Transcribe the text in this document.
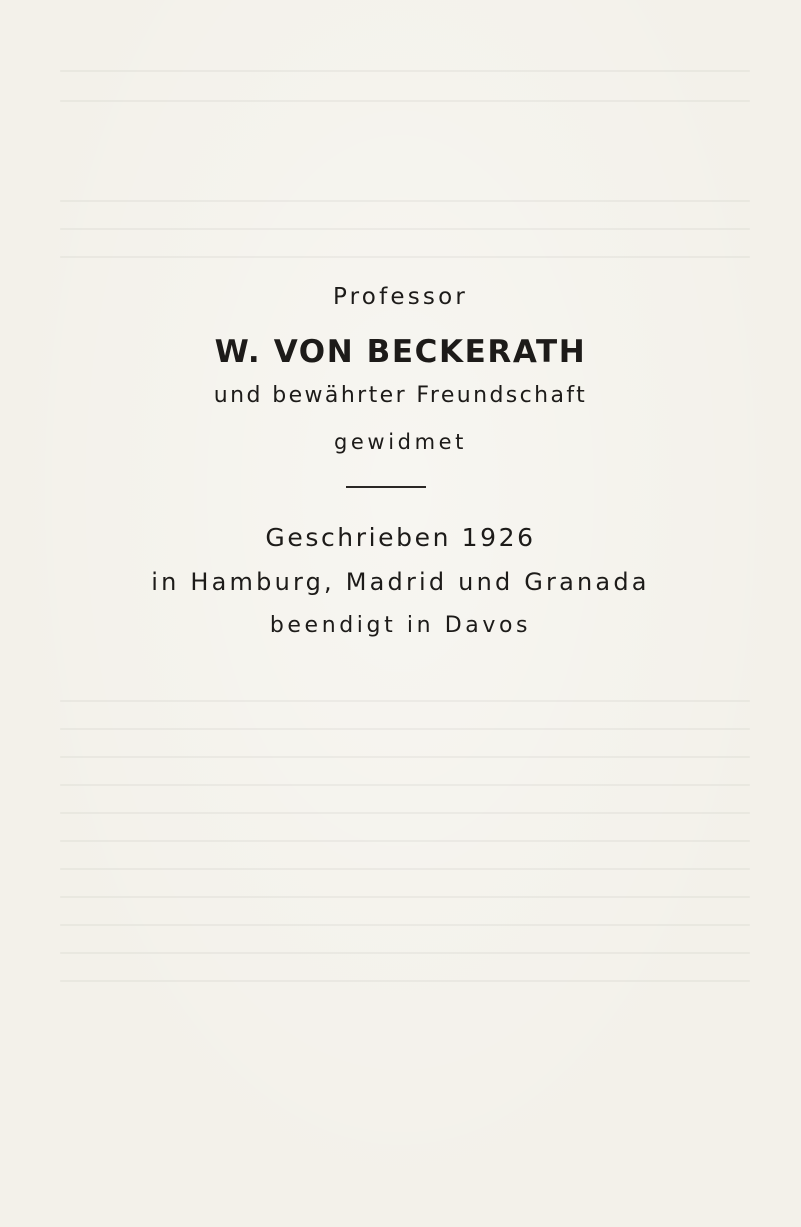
Professor
W. VON BECKERATH
und bewährter Freundschaft
gewidmet
Geschrieben 1926
in Hamburg, Madrid und Granada
beendigt in Davos
